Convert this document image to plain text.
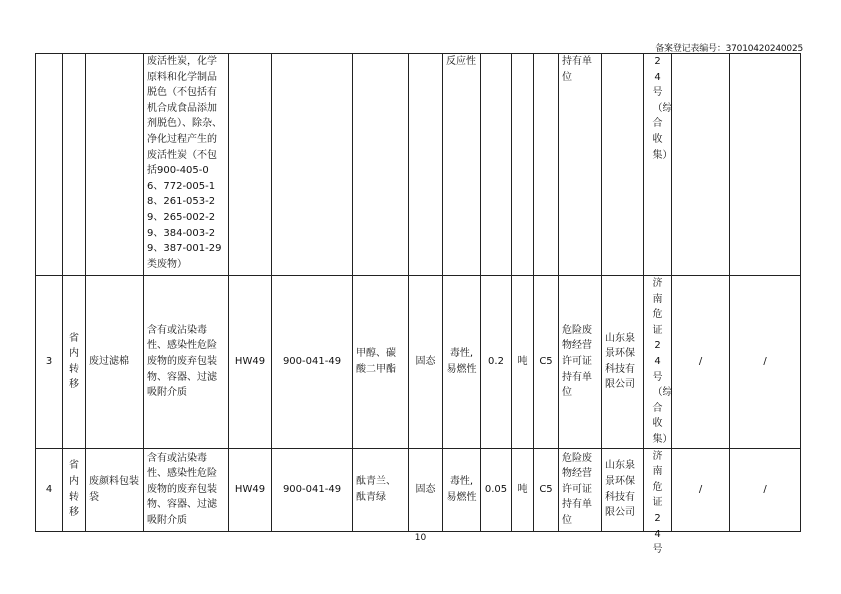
备案登记表编号：37010420240025
			废活性炭，化学原料和化学制品脱色（不包括有机合成食品添加剂脱色）、除杂、净化过程产生的废活性炭（不包括900-405-06、772-005-18、261-053-29、265-002-29、384-003-29、387-001-29类废物）					反应性				持有单位		24号（综合收集）		

3	省内转移	废过滤棉	含有或沾染毒性、感染性危险废物的废弃包装物、容器、过滤吸附介质	HW49	900-041-49	甲醇、碳酸二甲酯	固态	毒性,易燃性	0.2	吨	C5	危险废物经营许可证持有单位	山东泉景环保科技有限公司	济南危证24号（综合收集）	/	/
4	省内转移	废颜料包装袋	含有或沾染毒性、感染性危险废物的废弃包装物、容器、过滤吸附介质	HW49	900-041-49	酞青兰、酞青绿	固态	毒性,易燃性	0.05	吨	C5	危险废物经营许可证持有单位	山东泉景环保科技有限公司	济南危证24号	/	/
10
